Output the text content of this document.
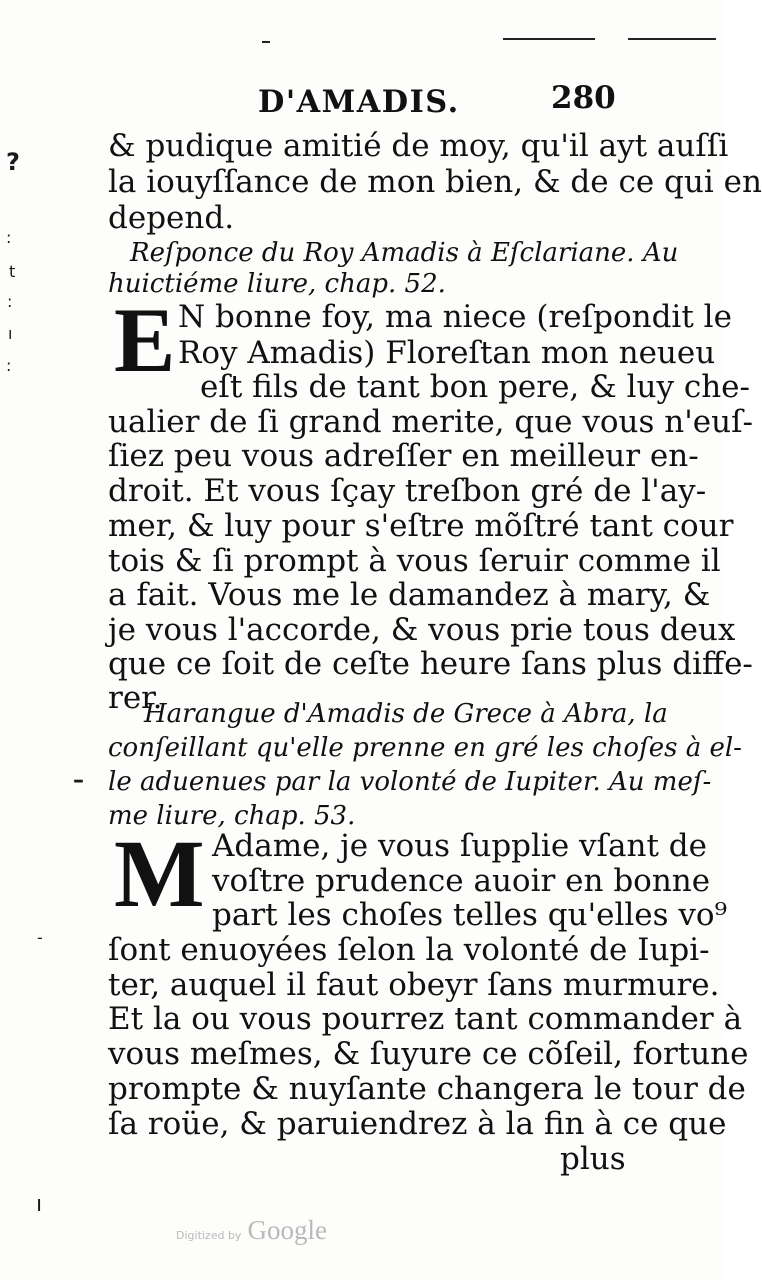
?
:
t
:
ı
:
–
-
ı
D'AMADIS.	280
& pudique amitié de moy, qu'il ayt auſſi
la iouyſſance de mon bien, & de ce qui en
depend.
Reſponce du Roy Amadis à Eſclariane. Au
huictiéme liure, chap. 52.
E N bonne foy, ma niece (reſpondit le
Roy Amadis) Floreſtan mon neueu
eſt fils de tant bon pere, & luy che-
ualier de ſi grand merite, que vous n'euſ-
ſiez peu vous adreſſer en meilleur en-
droit. Et vous ſçay treſbon gré de l'ay-
mer, & luy pour s'eſtre mõſtré tant cour
tois & ſi prompt à vous ſeruir comme il
a fait. Vous me le damandez à mary, &
je vous l'accorde, & vous prie tous deux
que ce ſoit de ceſte heure ſans plus diffe-
rer.
Harangue d'Amadis de Grece à Abra, la
conſeillant qu'elle prenne en gré les choſes à el-
le aduenues par la volonté de Iupiter. Au meſ-
me liure, chap. 53.
M Adame, je vous ſupplie vſant de
voſtre prudence auoir en bonne
part les choſes telles qu'elles vo⁹
ſont enuoyées ſelon la volonté de Iupi-
ter, auquel il faut obeyr ſans murmure.
Et la ou vous pourrez tant commander à
vous meſmes, & ſuyure ce cõſeil, fortune
prompte & nuyſante changera le tour de
ſa roüe, & paruiendrez à la fin à ce que
plus
Digitized by Google
